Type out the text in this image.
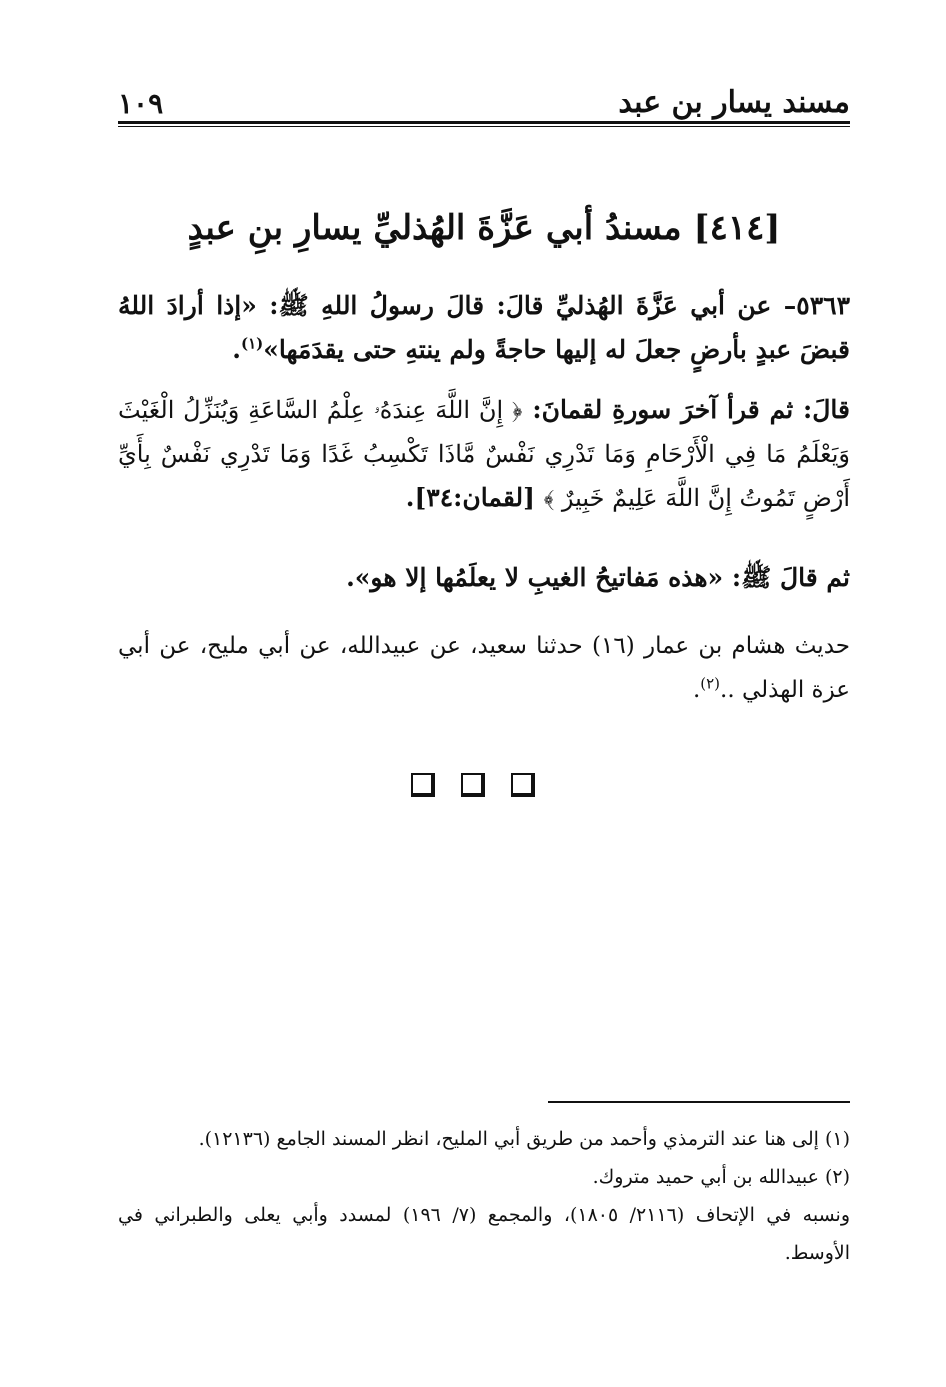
مسند يسار بن عبد
١٠٩
[٤١٤] مسندُ أبي عَزَّةَ الهُذليِّ يسارِ بنِ عبدٍ

٥٣٦٣– عن أبي عَزَّةَ الهُذليِّ قالَ: قالَ رسولُ اللهِ ﷺ: «إذا أرادَ اللهُ قبضَ عبدٍ بأرضٍ جعلَ له إليها حاجةً ولم ينتهِ حتى يقدَمَها»$^{(١)}$.

قالَ: ثم قرأ آخرَ سورةِ لقمانَ: ﴿ إِنَّ اللَّهَ عِندَهُۥ عِلْمُ السَّاعَةِ وَيُنَزِّلُ الْغَيْثَ وَيَعْلَمُ مَا فِي الْأَرْحَامِ وَمَا تَدْرِي نَفْسٌ مَّاذَا تَكْسِبُ غَدًا وَمَا تَدْرِي نَفْسٌ بِأَيِّ أَرْضٍ تَمُوتُ إِنَّ اللَّهَ عَلِيمٌ خَبِيرٌ ﴾ [لقمان:٣٤].

ثم قالَ ﷺ: «هذه مَفاتيحُ الغيبِ لا يعلَمُها إلا هو».

حديث هشام بن عمار (١٦) حدثنا سعيد، عن عبيدالله، عن أبي مليح، عن أبي عزة الهذلي ..$^{(٢)}$.

(١) إلى هنا عند الترمذي وأحمد من طريق أبي المليح، انظر المسند الجامع (١٢١٣٦).
(٢) عبيدالله بن أبي حميد متروك.
ونسبه في الإتحاف (٢١١٦/ ١٨٠٥)، والمجمع (٧/ ١٩٦) لمسدد وأبي يعلى والطبراني في الأوسط.
